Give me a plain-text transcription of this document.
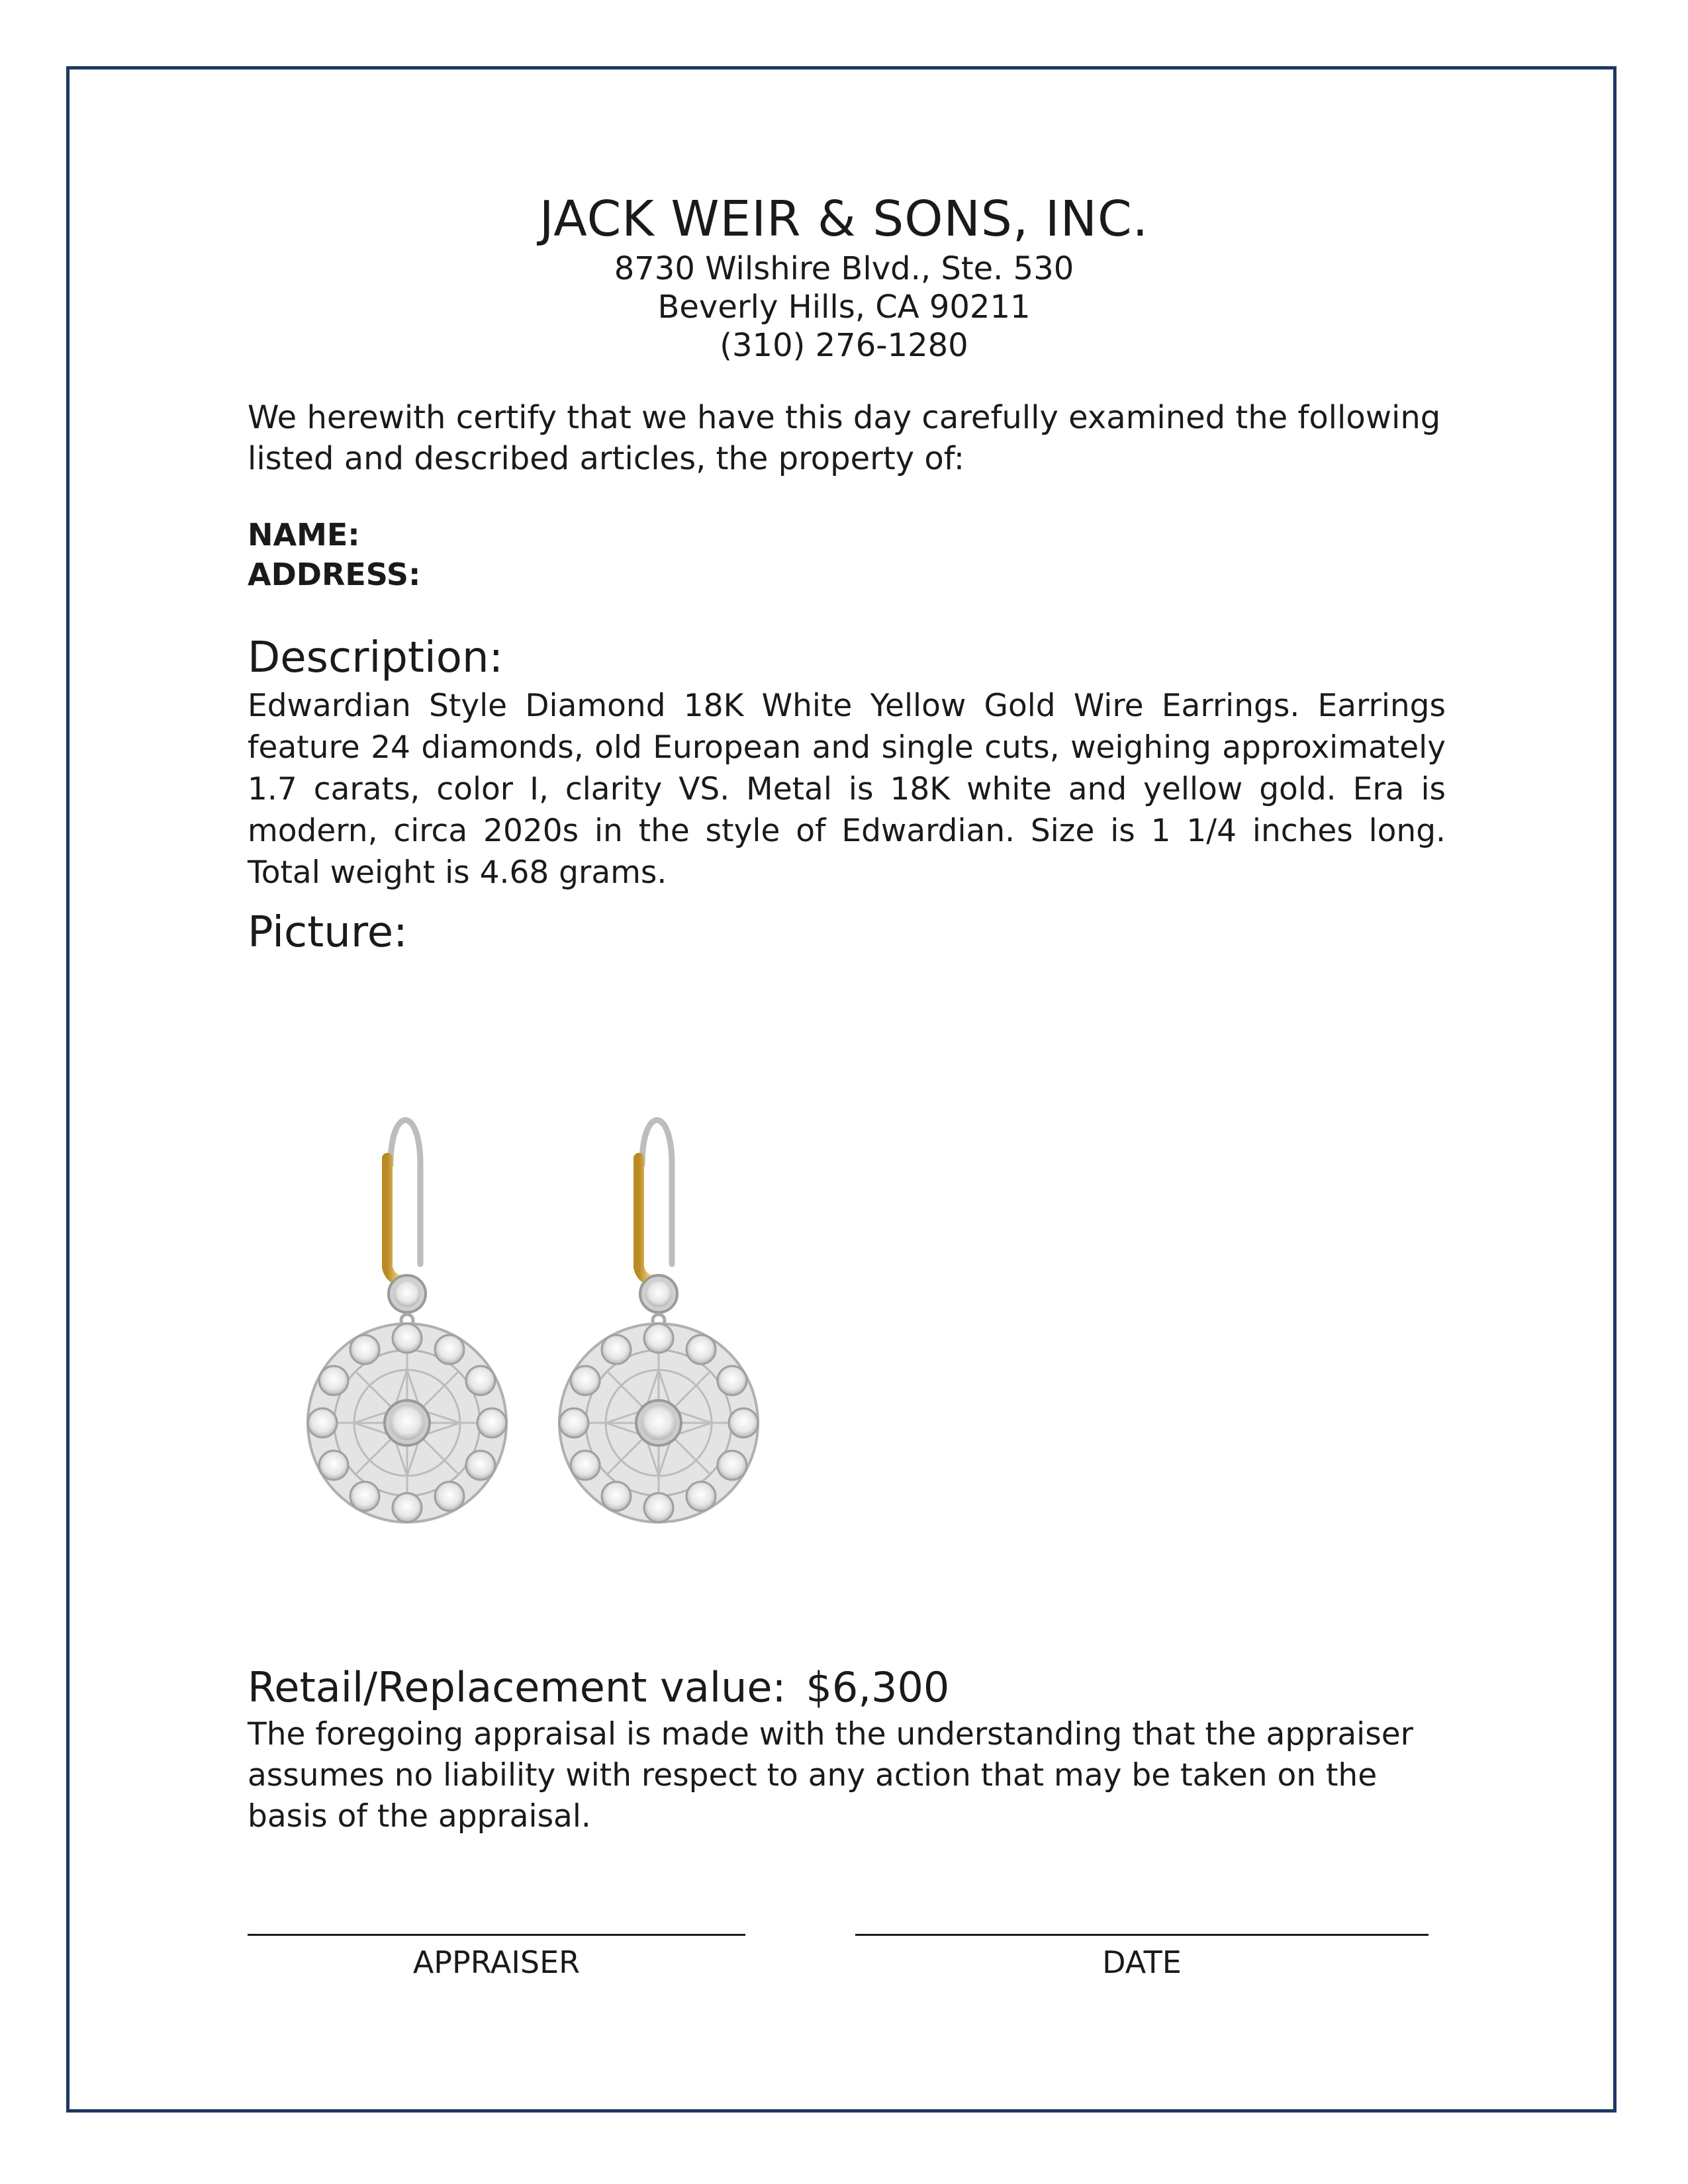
JACK WEIR & SONS, INC.
8730 Wilshire Blvd., Ste. 530
Beverly Hills, CA 90211
(310) 276-1280
We herewith certify that we have this day carefully examined the following listed and described articles, the property of:
NAME:
ADDRESS:
Description:
Edwardian Style Diamond 18K White Yellow Gold Wire Earrings. Earrings feature 24 diamonds, old European and single cuts, weighing approximately 1.7 carats, color I, clarity VS. Metal is 18K white and yellow gold. Era is modern, circa 2020s in the style of Edwardian. Size is 1 1/4 inches long. Total weight is 4.68 grams.
Picture:
Retail/Replacement value: $6,300
The foregoing appraisal is made with the understanding that the appraiser assumes no liability with respect to any action that may be taken on the basis of the appraisal.
APPRAISER	DATE
